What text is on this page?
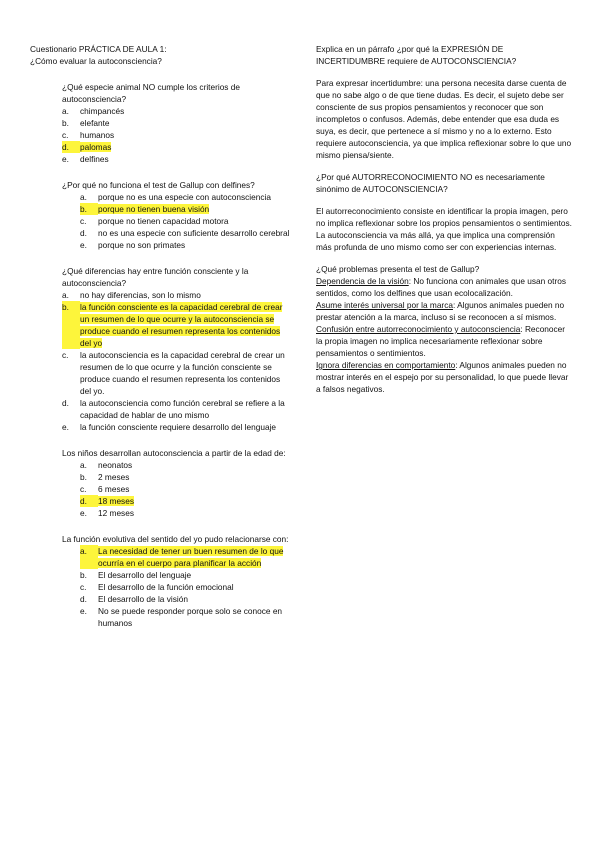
Cuestionario PRÁCTICA DE AULA 1:

¿Cómo evaluar la autoconsciencia?

¿Qué especie animal NO cumple los criterios de autoconsciencia?

a.	chimpancés
b.	elefante
c.	humanos
d.	palomas
e.	delfines

¿Por qué no funciona el test de Gallup con delfines?

a.	porque no es una especie con autoconsciencia
b.	porque no tienen buena visión
c.	porque no tienen capacidad motora
d.	no es una especie con suficiente desarrollo cerebral
e.	porque no son primates

¿Qué diferencias hay entre función consciente y la autoconsciencia?

a.	no hay diferencias, son lo mismo
b.	la función consciente es la capacidad cerebral de crear un resumen de lo que ocurre y la autoconsciencia se produce cuando el resumen representa los contenidos del yo
c.	la autoconsciencia es la capacidad cerebral de crear un resumen de lo que ocurre y la función consciente se produce cuando el resumen representa los contenidos del yo.
d.	la autoconsciencia como función cerebral se refiere a la capacidad de hablar de uno mismo
e.	la función consciente requiere desarrollo del lenguaje

Los niños desarrollan autoconsciencia a partir de la edad de:

a.	neonatos
b.	2 meses
c.	6 meses
d.	18 meses
e.	12 meses

La función evolutiva del sentido del yo pudo relacionarse con:

a.	La necesidad de tener un buen resumen de lo que ocurría en el cuerpo para planificar la acción
b.	El desarrollo del lenguaje
c.	El desarrollo de la función emocional
d.	El desarrollo de la visión
e.	No se puede responder porque solo se conoce en humanos

Explica en un párrafo ¿por qué la EXPRESIÓN DE INCERTIDUMBRE requiere de AUTOCONSCIENCIA?

Para expresar incertidumbre: una persona necesita darse cuenta de que no sabe algo o de que tiene dudas. Es decir, el sujeto debe ser consciente de sus propios pensamientos y reconocer que son incompletos o confusos. Además, debe entender que esa duda es suya, es decir, que pertenece a sí mismo y no a lo externo. Esto requiere autoconsciencia, ya que implica reflexionar sobre lo que uno mismo piensa/siente.

¿Por qué AUTORRECONOCIMIENTO NO es necesariamente sinónimo de AUTOCONSCIENCIA?

El autorreconocimiento consiste en identificar la propia imagen, pero no implica reflexionar sobre los propios pensamientos o sentimientos. La autoconsciencia va más allá, ya que implica una comprensión más profunda de uno mismo como ser con experiencias internas.

¿Qué problemas presenta el test de Gallup?

Dependencia de la visión: No funciona con animales que usan otros sentidos, como los delfines que usan ecolocalización.
Asume interés universal por la marca: Algunos animales pueden no prestar atención a la marca, incluso si se reconocen a sí mismos.
Confusión entre autorreconocimiento y autoconsciencia: Reconocer la propia imagen no implica necesariamente reflexionar sobre pensamientos o sentimientos.
Ignora diferencias en comportamiento: Algunos animales pueden no mostrar interés en el espejo por su personalidad, lo que puede llevar a falsos negativos.
